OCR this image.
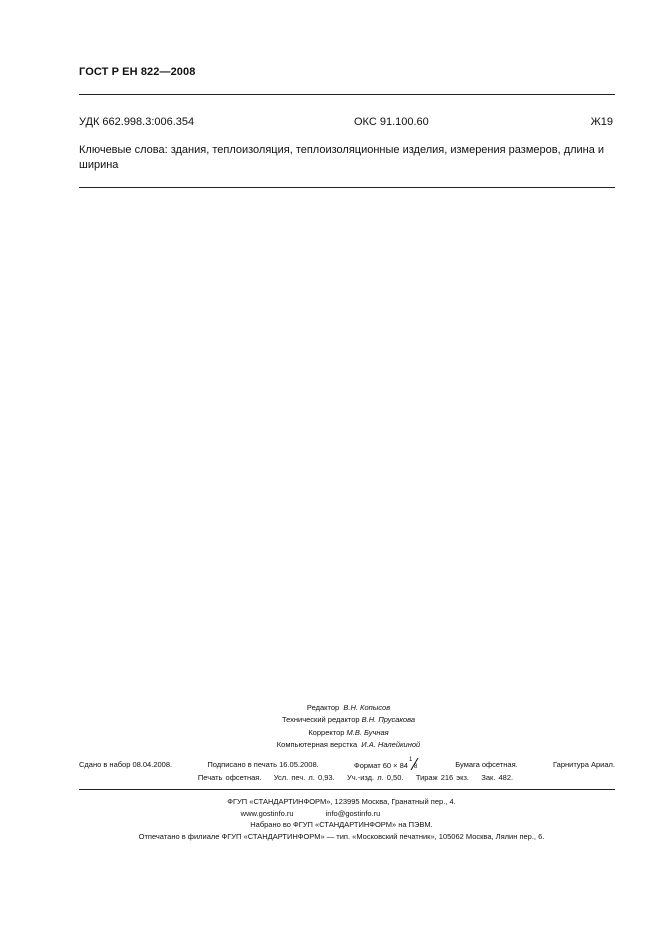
ГОСТ Р ЕН 822—2008
УДК 662.998.3:006.354	ОКС 91.100.60	Ж19
Ключевые слова: здания, теплоизоляция, теплоизоляционные изделия, измерения размеров, длина и ширина
Редактор В.Н. Копысов
Технический редактор В.Н. Прусакова
Корректор М.В. Бучная
Компьютерная верстка И.А. Налейкиной
Сдано в набор 08.04.2008.	Подписано в печать 16.05.2008.	Формат 60 × 84
1
8	Бумага офсетная.	Гарнитура Ариал.
Печать офсетная. Усл. печ. л. 0,93. Уч.-изд. л. 0,50. Тираж 216 экз. Зак. 482.
ФГУП «СТАНДАРТИНФОРМ», 123995 Москва, Гранатный пер., 4.
www.gostinfo.ru	info@gostinfo.ru
Набрано во ФГУП «СТАНДАРТИНФОРМ» на ПЭВМ.
Отпечатано в филиале ФГУП «СТАНДАРТИНФОРМ» — тип. «Московский печатник», 105062 Москва, Лялин пер., 6.
